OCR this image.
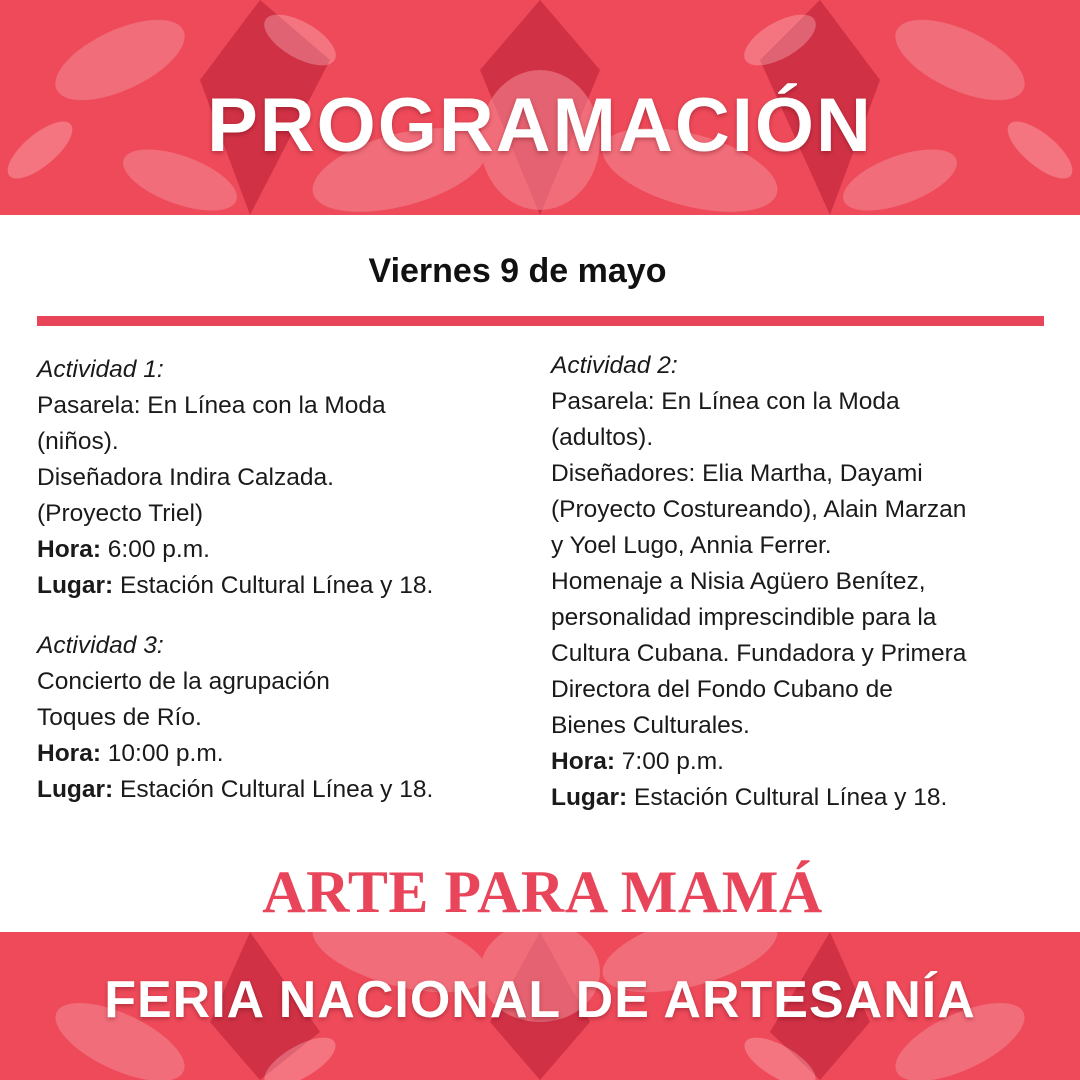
PROGRAMACIÓN
Viernes 9 de mayo
Actividad 1:
Pasarela: En Línea con la Moda
(niños).
Diseñadora Indira Calzada.
(Proyecto Triel)
Hora: 6:00 p.m.
Lugar: Estación Cultural Línea y 18.
Actividad 3:
Concierto de la agrupación
Toques de Río.
Hora: 10:00 p.m.
Lugar: Estación Cultural Línea y 18.
Actividad 2:
Pasarela: En Línea con la Moda
(adultos).
Diseñadores: Elia Martha, Dayami
(Proyecto Costureando), Alain Marzan
y Yoel Lugo, Annia Ferrer.
Homenaje a Nisia Agüero Benítez,
personalidad imprescindible para la
Cultura Cubana. Fundadora y Primera
Directora del Fondo Cubano de
Bienes Culturales.
Hora: 7:00 p.m.
Lugar: Estación Cultural Línea y 18.
ARTE PARA MAMÁ
FERIA NACIONAL DE ARTESANÍA
